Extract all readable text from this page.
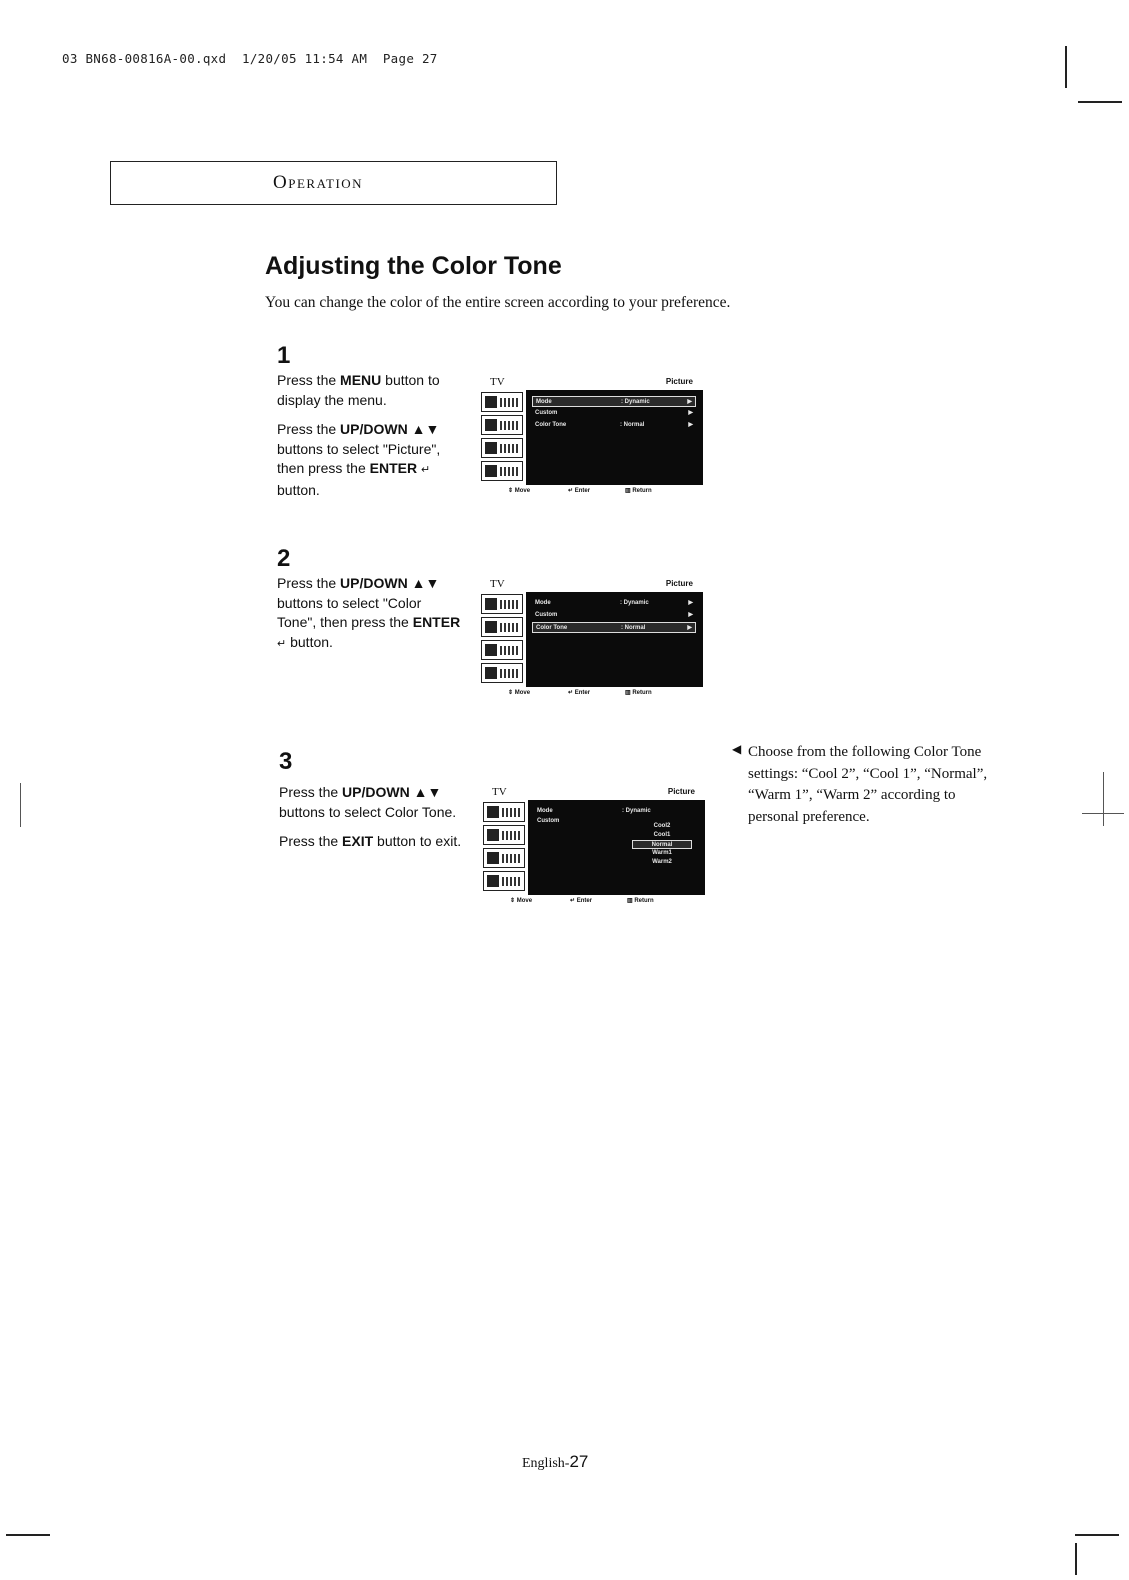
03 BN68-00816A-00.qxd  1/20/05 11:54 AM  Page 27
Operation
Adjusting the Color Tone
You can change the color of the entire screen according to your preference.
1

Press the MENU button to display the menu.

Press the UP/DOWN ▲▼ buttons to select "Picture", then press the ENTER ↵ button.

TV	Picture
Mode	: Dynamic	▶
Custom	▶
Color Tone	: Normal	▶
⇕ Move	↵ Enter	▥ Return
2

Press the UP/DOWN ▲▼ buttons to select "Color Tone", then press the ENTER ↵ button.

TV	Picture
Mode	: Dynamic	▶
Custom	▶
Color Tone	: Normal	▶
⇕ Move	↵ Enter	▥ Return
3

Press the UP/DOWN ▲▼ buttons to select Color Tone.

Press the EXIT button to exit.

TV	Picture
Mode	: Dynamic
Custom
Cool2
Cool1
Normal
Warm1
Warm2
⇕ Move	↵ Enter	▥ Return
◀ Choose from the following Color Tone settings: “Cool 2”, “Cool 1”, “Normal”, “Warm 1”, “Warm 2” according to personal preference.
English-27
